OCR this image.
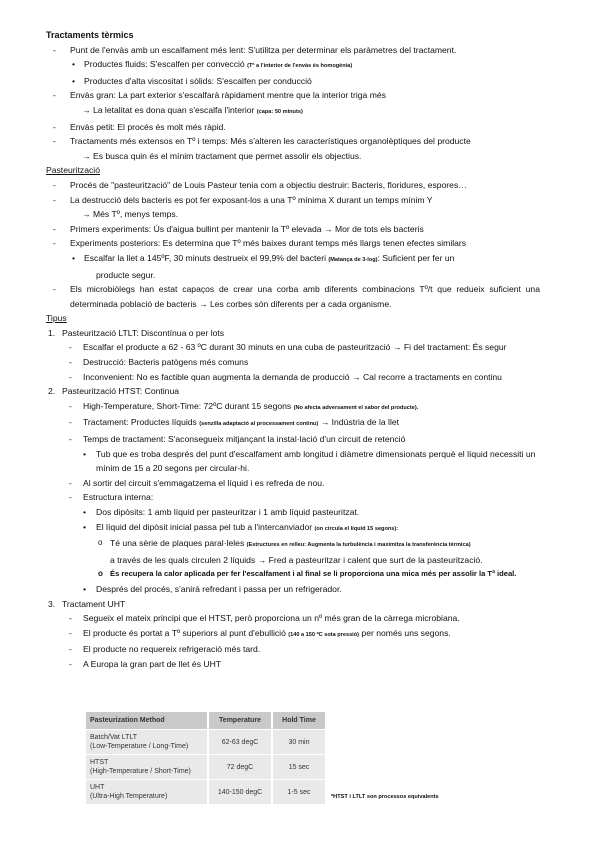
Tractaments tèrmics

- Punt de l'envàs amb un escalfament més lent: S'utilitza per determinar els paràmetres del tractament.
• Productes fluids: S'escalfen per convecció (Tª a l'interior de l'envàs és homogènia)
• Productes d'alta viscositat i sòlids: S'escalfen per conducció
- Envàs gran: La part exterior s'escalfarà ràpidament mentre que la interior triga més
→ La letalitat es dona quan s'escalfa l'interior (capa: 50 minuts)
- Envàs petit: El procés és molt més ràpid.
- Tractaments més extensos en Tº i temps: Més s'alteren les característiques organolèptiques del producte
→ Es busca quin és el mínim tractament que permet assolir els objectius.

Pasteurització

- Procés de "pasteurització" de Louis Pasteur tenia com a objectiu destruir: Bacteris, floridures, espores…
- La destrucció dels bacteris es pot fer exposant-los a una Tº mínima X durant un temps mínim Y
→ Més Tº, menys temps.
- Primers experiments: Ús d'aigua bullint per mantenir la Tº elevada → Mor de tots els bacteris
- Experiments posteriors: Es determina que Tº més baixes durant temps més llargs tenen efectes similars
• Escalfar la llet a 145ºF, 30 minuts destrueix el 99,9% del bacteri (Matança de 3-log): Suficient per fer un
producte segur.
- Els microbiòlegs han estat capaços de crear una corba amb diferents combinacions Tº/t que redueix suficient una determinada població de bacteris → Les corbes són diferents per a cada organisme.

Tipus

1. Pasteurització LTLT: Discontínua o per lots
- Escalfar el producte a 62 - 63 ºC durant 30 minuts en una cuba de pasteurització → Fi del tractament: És segur
- Destrucció: Bacteris patògens més comuns
- Inconvenient: No es factible quan augmenta la demanda de producció → Cal recorre a tractaments en continu
2. Pasteurització HTST: Continua
- High-Temperature, Short-Time: 72ºC durant 15 segons (No afecta adversament el sabor del producte).
- Tractament: Productes líquids (senzilla adaptació al processament continu) → Indústria de la llet
- Temps de tractament: S'aconsegueix mitjançant la instal·lació d'un circuit de retenció
• Tub que es troba després del punt d'escalfament amb longitud i diàmetre dimensionats perquè el líquid necessiti un mínim de 15 a 20 segons per circular-hi.
- Al sortir del circuit s'emmagatzema el líquid i es refreda de nou.
- Estructura interna:
• Dos dipòsits: 1 amb líquid per pasteuritzar i 1 amb líquid pasteuritzat.
• El líquid del dipòsit inicial passa pel tub a l'intercanviador (on circula el líquid 15 segons):
o Té una sèrie de plaques paral·leles (Estructures en relleu: Augmenta la turbulència i maximitza la transferència tèrmica)
a través de les quals circulen 2 líquids → Fred a pasteuritzar i calent que surt de la pasteurització.
o És recupera la calor aplicada per fer l'escalfament i al final se li proporciona una mica més per assolir la Tª ideal.
• Després del procés, s'anirà refredant i passa per un refrigerador.
3. Tractament UHT
- Segueix el mateix principi que el HTST, però proporciona un nº més gran de la càrrega microbiana.
- El producte és portat a Tº superiors al punt d'ebullició (140 a 150 ºC sota pressió) per només uns segons.
- El producte no requereix refrigeració més tard.
- A Europa la gran part de llet és UHT
Pasteurization Method	Temperature	Hold Time

Batch/Vat LTLT
(Low-Temperature / Long-Time)	62-63 degC	30 min

HTST
(High-Temperature / Short-Time)	72 degC	15 sec

UHT
(Ultra-High Temperature)	140-150 degC	1-5 sec
*HTST i LTLT son processos equivalents
